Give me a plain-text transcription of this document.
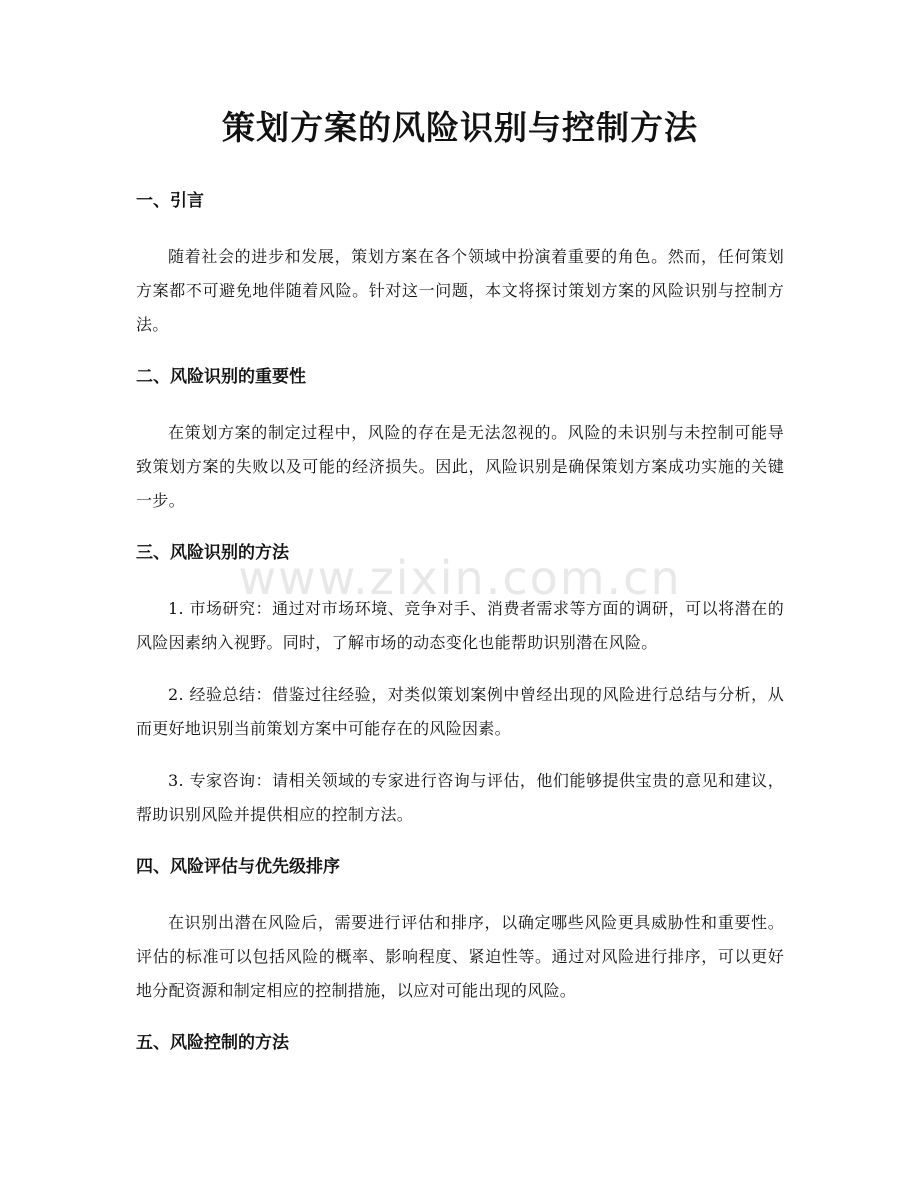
策划方案的风险识别与控制方法
www.zixin.com.cn
一、引言

随着社会的进步和发展，策划方案在各个领域中扮演着重要的角色。然而，任何策划方案都不可避免地伴随着风险。针对这一问题，本文将探讨策划方案的风险识别与控制方法。

二、风险识别的重要性

在策划方案的制定过程中，风险的存在是无法忽视的。风险的未识别与未控制可能导致策划方案的失败以及可能的经济损失。因此，风险识别是确保策划方案成功实施的关键一步。

三、风险识别的方法

1. 市场研究：通过对市场环境、竞争对手、消费者需求等方面的调研，可以将潜在的风险因素纳入视野。同时，了解市场的动态变化也能帮助识别潜在风险。

2. 经验总结：借鉴过往经验，对类似策划案例中曾经出现的风险进行总结与分析，从而更好地识别当前策划方案中可能存在的风险因素。

3. 专家咨询：请相关领域的专家进行咨询与评估，他们能够提供宝贵的意见和建议，帮助识别风险并提供相应的控制方法。

四、风险评估与优先级排序

在识别出潜在风险后，需要进行评估和排序，以确定哪些风险更具威胁性和重要性。评估的标准可以包括风险的概率、影响程度、紧迫性等。通过对风险进行排序，可以更好地分配资源和制定相应的控制措施，以应对可能出现的风险。

五、风险控制的方法
